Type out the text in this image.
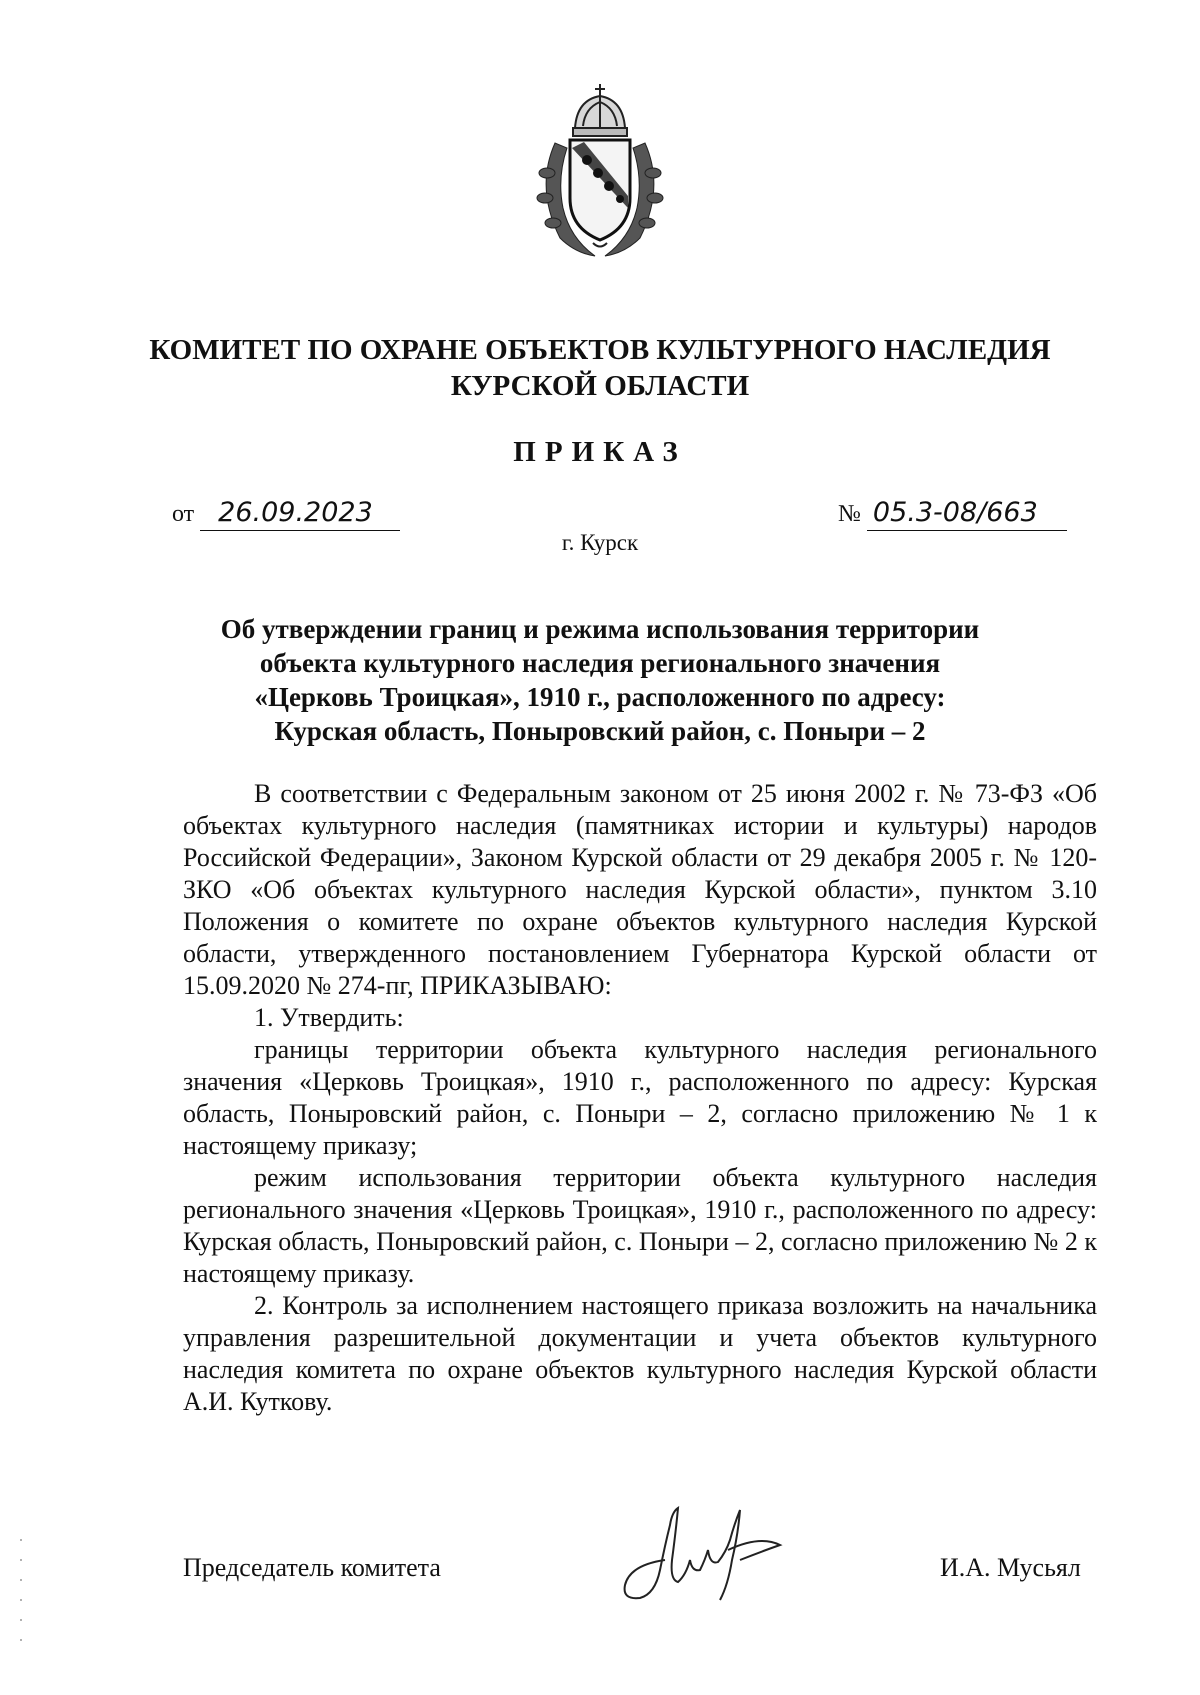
КОМИТЕТ ПО ОХРАНЕ ОБЪЕКТОВ КУЛЬТУРНОГО НАСЛЕДИЯ
КУРСКОЙ ОБЛАСТИ
ПРИКАЗ
от 26.09.2023	№ 05.3-08/663
г. Курск
Об утверждении границ и режима использования территории
объекта культурного наследия регионального значения
«Церковь Троицкая», 1910 г., расположенного по адресу:
Курская область, Поныровский район, с. Поныри – 2

В соответствии с Федеральным законом от 25 июня 2002 г. № 73-ФЗ «Об объектах культурного наследия (памятниках истории и культуры) народов Российской Федерации», Законом Курской области от 29 декабря 2005 г. № 120-ЗКО «Об объектах культурного наследия Курской области», пунктом 3.10 Положения о комитете по охране объектов культурного наследия Курской области, утвержденного постановлением Губернатора Курской области от 15.09.2020 № 274-пг, ПРИКАЗЫВАЮ:

1. Утвердить:

границы территории объекта культурного наследия регионального значения «Церковь Троицкая», 1910 г., расположенного по адресу: Курская область, Поныровский район, с. Поныри – 2, согласно приложению № 1 к настоящему приказу;

режим использования территории объекта культурного наследия регионального значения «Церковь Троицкая», 1910 г., расположенного по адресу: Курская область, Поныровский район, с. Поныри – 2, согласно приложению № 2 к настоящему приказу.

2. Контроль за исполнением настоящего приказа возложить на начальника управления разрешительной документации и учета объектов культурного наследия комитета по охране объектов культурного наследия Курской области А.И. Куткову.

Председатель комитета	И.А. Мусьял
